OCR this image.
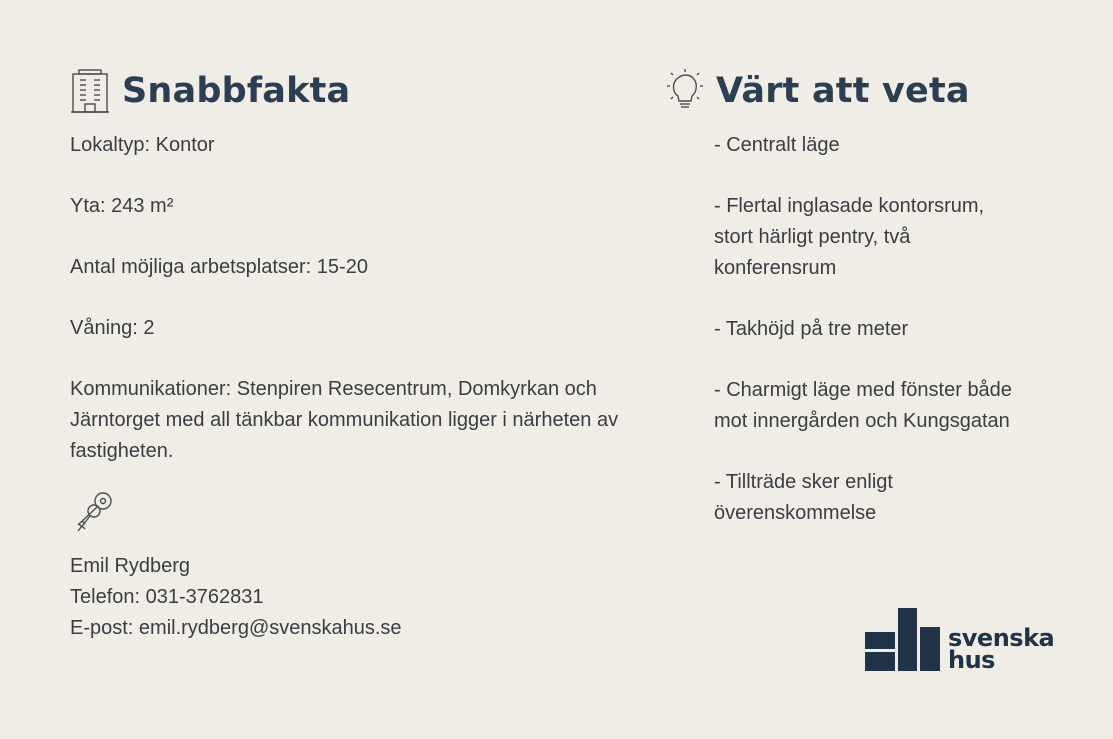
Snabbfakta

Lokaltyp: Kontor

Yta: 243 m²

Antal möjliga arbetsplatser: 15-20

Våning: 2

Kommunikationer: Stenpiren Resecentrum, Domkyrkan och Järntorget med all tänkbar kommunikation ligger i närheten av fastigheten.

Emil Rydberg

Telefon: 031-3762831

E-post: emil.rydberg@svenskahus.se

Värt att veta

- Centralt läge

- Flertal inglasade kontorsrum, stort härligt pentry, två konferensrum

- Takhöjd på tre meter

- Charmigt läge med fönster både mot innergården och Kungsgatan

- Tillträde sker enligt överenskommelse

svenska
hus
